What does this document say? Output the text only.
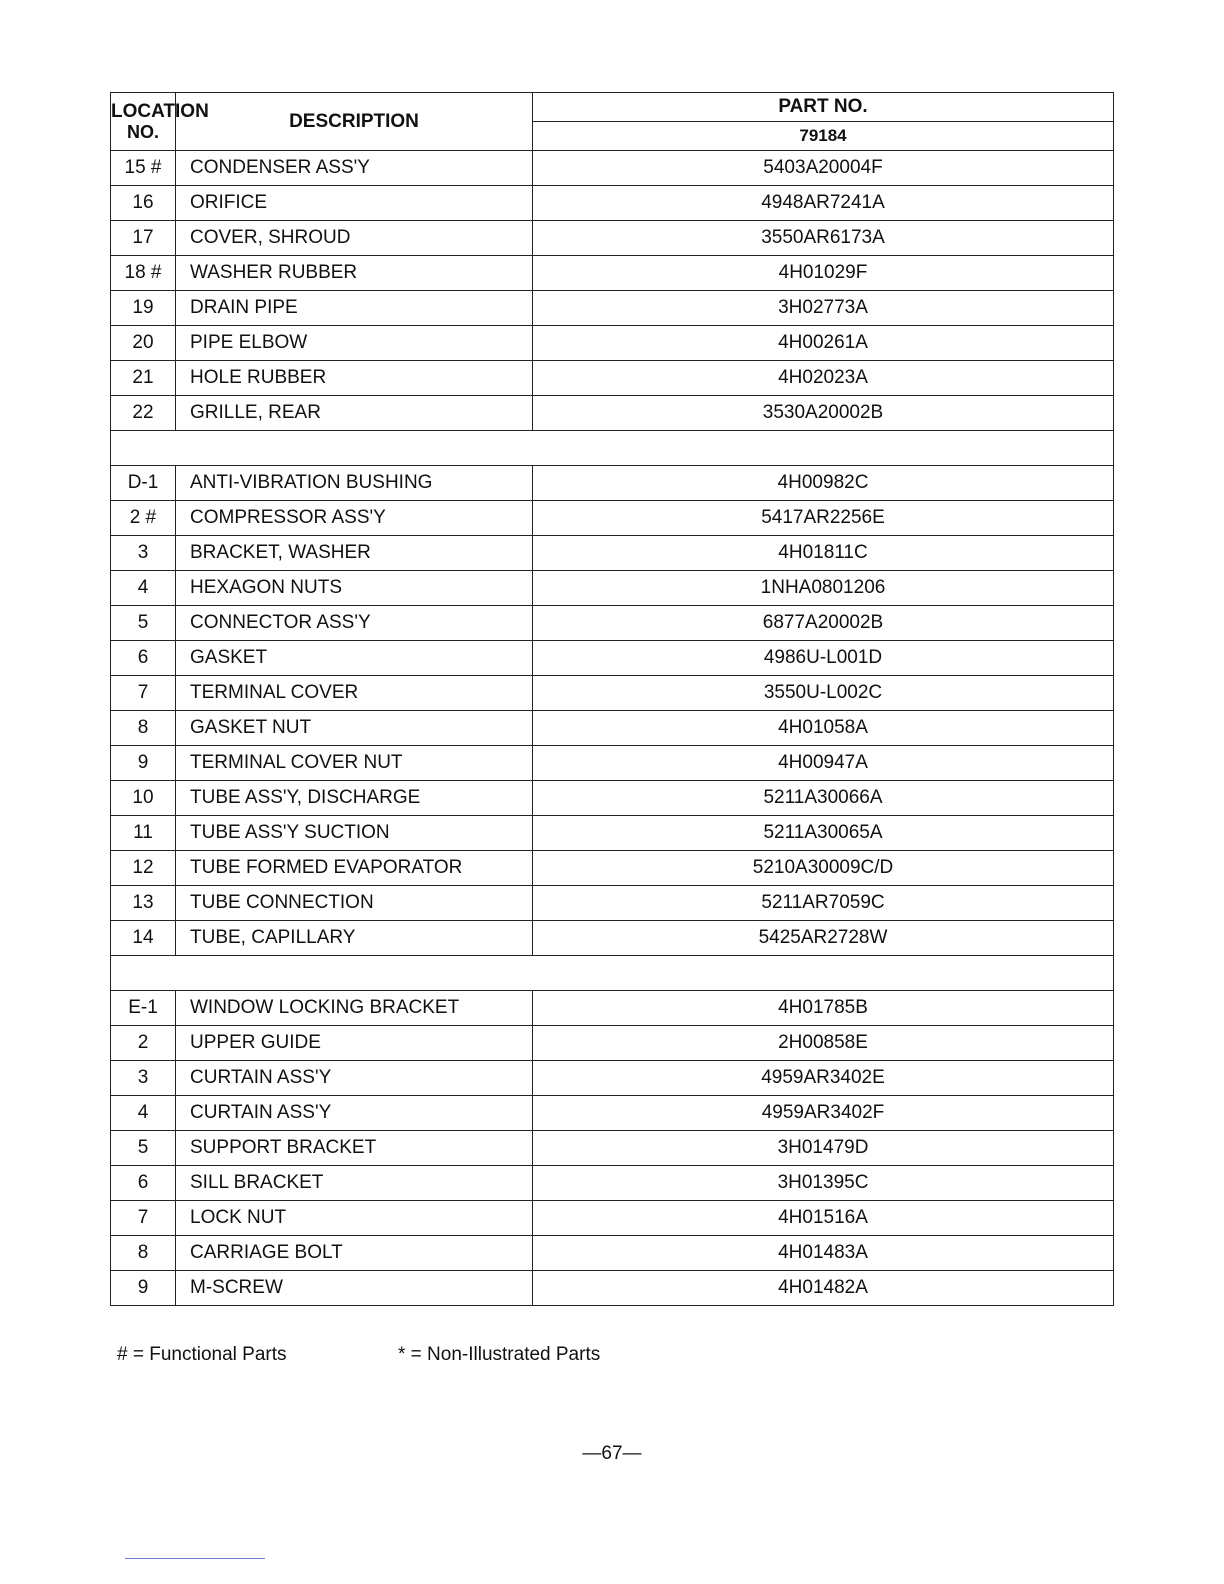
LOCATION
NO.	DESCRIPTION	PART NO.
		79184
15 #	CONDENSER ASS'Y	5403A20004F
16	ORIFICE	4948AR7241A
17	COVER, SHROUD	3550AR6173A
18 #	WASHER RUBBER	4H01029F
19	DRAIN PIPE	3H02773A
20	PIPE ELBOW	4H00261A
21	HOLE RUBBER	4H02023A
22	GRILLE, REAR	3530A20002B

D-1	ANTI-VIBRATION BUSHING	4H00982C
2 #	COMPRESSOR ASS'Y	5417AR2256E
3	BRACKET, WASHER	4H01811C
4	HEXAGON NUTS	1NHA0801206
5	CONNECTOR ASS'Y	6877A20002B
6	GASKET	4986U-L001D
7	TERMINAL COVER	3550U-L002C
8	GASKET NUT	4H01058A
9	TERMINAL COVER NUT	4H00947A
10	TUBE ASS'Y, DISCHARGE	5211A30066A
11	TUBE ASS'Y SUCTION	5211A30065A
12	TUBE FORMED EVAPORATOR	5210A30009C/D
13	TUBE CONNECTION	5211AR7059C
14	TUBE, CAPILLARY	5425AR2728W

E-1	WINDOW LOCKING BRACKET	4H01785B
2	UPPER GUIDE	2H00858E
3	CURTAIN ASS'Y	4959AR3402E
4	CURTAIN ASS'Y	4959AR3402F
5	SUPPORT BRACKET	3H01479D
6	SILL BRACKET	3H01395C
7	LOCK NUT	4H01516A
8	CARRIAGE BOLT	4H01483A
9	M-SCREW	4H01482A
# = Functional Parts	* = Non-Illustrated Parts
—67—
